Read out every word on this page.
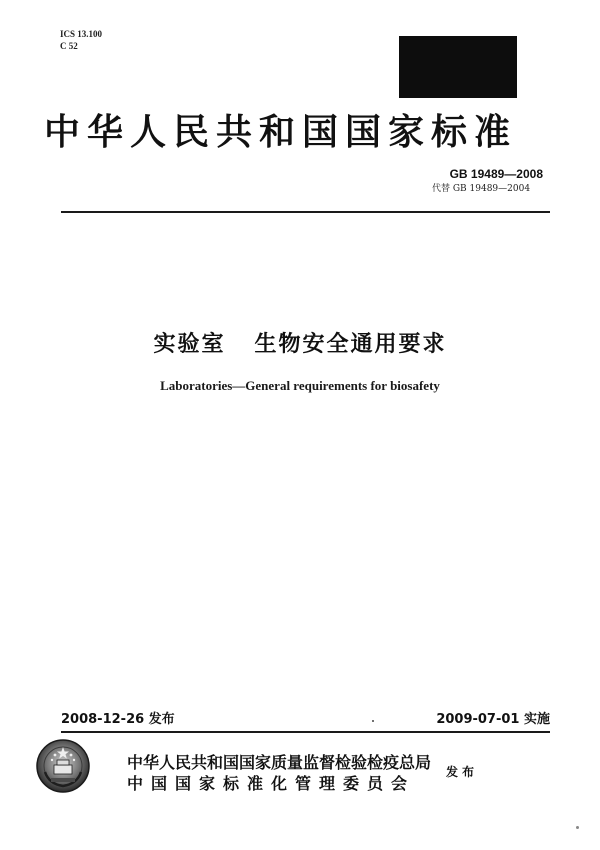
ICS 13.100
C 52
中华人民共和国国家标准
GB 19489—2008
代替 GB 19489—2004
实验室   生物安全通用要求
Laboratories—General requirements for biosafety
2008-12-26 发布	2009-07-01 实施
中华人民共和国国家质量监督检验检疫总局
中国国家标准化管理委员会
发布
